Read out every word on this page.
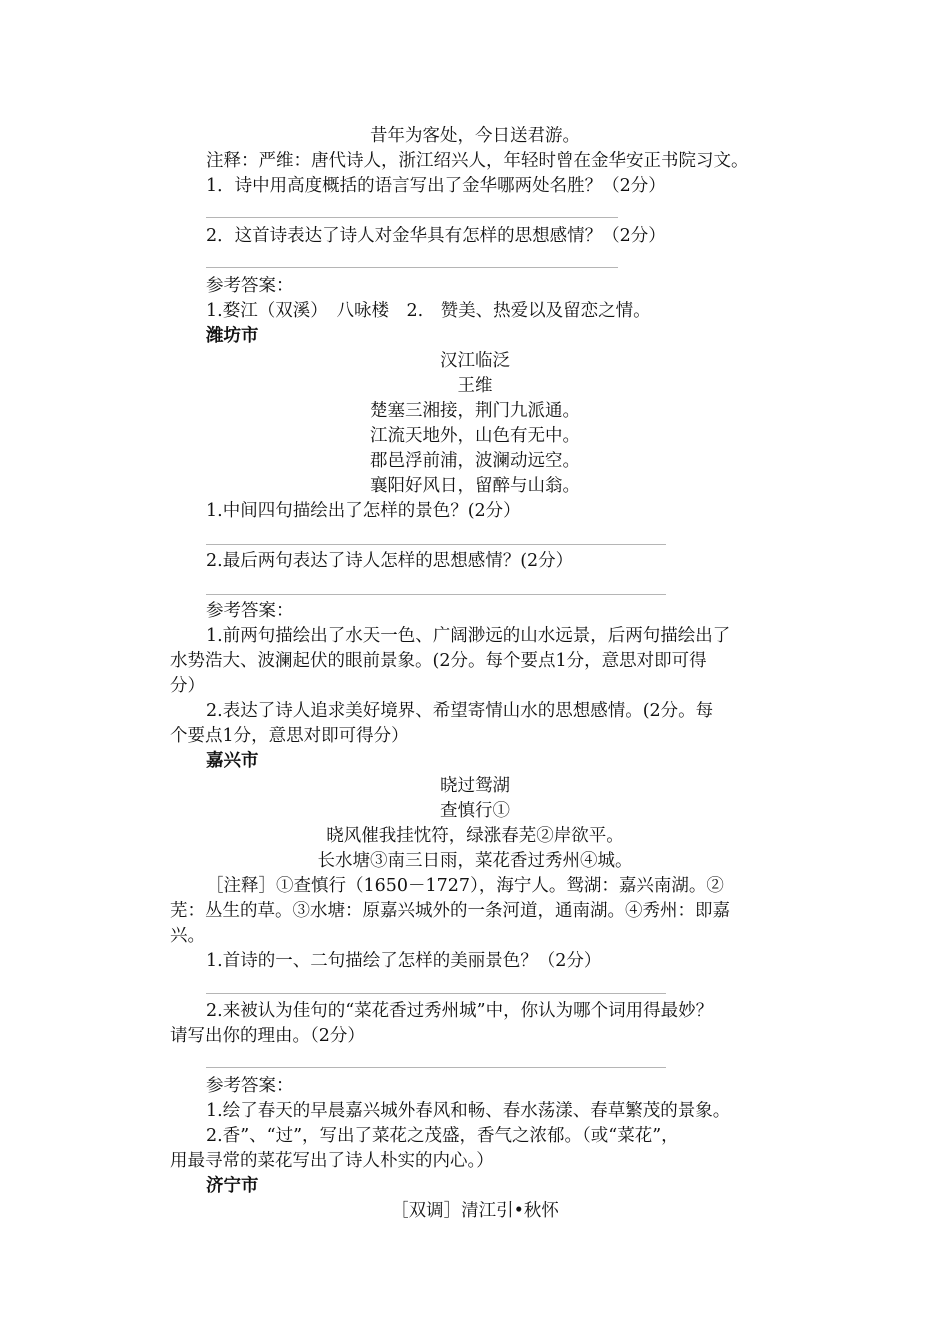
昔年为客处，今日送君游。
注释：严维：唐代诗人，浙江绍兴人，年轻时曾在金华安正书院习文。
1．诗中用高度概括的语言写出了金华哪两处名胜？（2分）
2．这首诗表达了诗人对金华具有怎样的思想感情？（2分）
参考答案：
1.婺江（双溪）　八咏楼　2.　赞美、热爱以及留恋之情。
潍坊市
汉江临泛
王维
楚塞三湘接，荆门九派通。
江流天地外，山色有无中。
郡邑浮前浦，波澜动远空。
襄阳好风日，留醉与山翁。
1.中间四句描绘出了怎样的景色？(2分）
2.最后两句表达了诗人怎样的思想感情？(2分）
参考答案：
1.前两句描绘出了水天一色、广阔渺远的山水远景，后两句描绘出了
水势浩大、波澜起伏的眼前景象。(2分。每个要点1分，意思对即可得
分）
2.表达了诗人追求美好境界、希望寄情山水的思想感情。(2分。每
个要点1分，意思对即可得分）
嘉兴市
晓过鸳湖
查慎行①
晓风催我挂忱符，绿涨春芜②岸欲平。
长水塘③南三日雨，菜花香过秀州④城。
［注释］①查慎行（1650－1727），海宁人。鸳湖：嘉兴南湖。②
芜：丛生的草。③水塘：原嘉兴城外的一条河道，通南湖。④秀州：即嘉
兴。
1.首诗的一、二句描绘了怎样的美丽景色？（2分）
2.来被认为佳句的“菜花香过秀州城”中，你认为哪个词用得最妙？
请写出你的理由。（2分）
参考答案：
1.绘了春天的早晨嘉兴城外春风和畅、春水荡漾、春草繁茂的景象。
2.香”、“过”，写出了菜花之茂盛，香气之浓郁。（或“菜花”，
用最寻常的菜花写出了诗人朴实的内心。）
济宁市
［双调］清江引•秋怀
